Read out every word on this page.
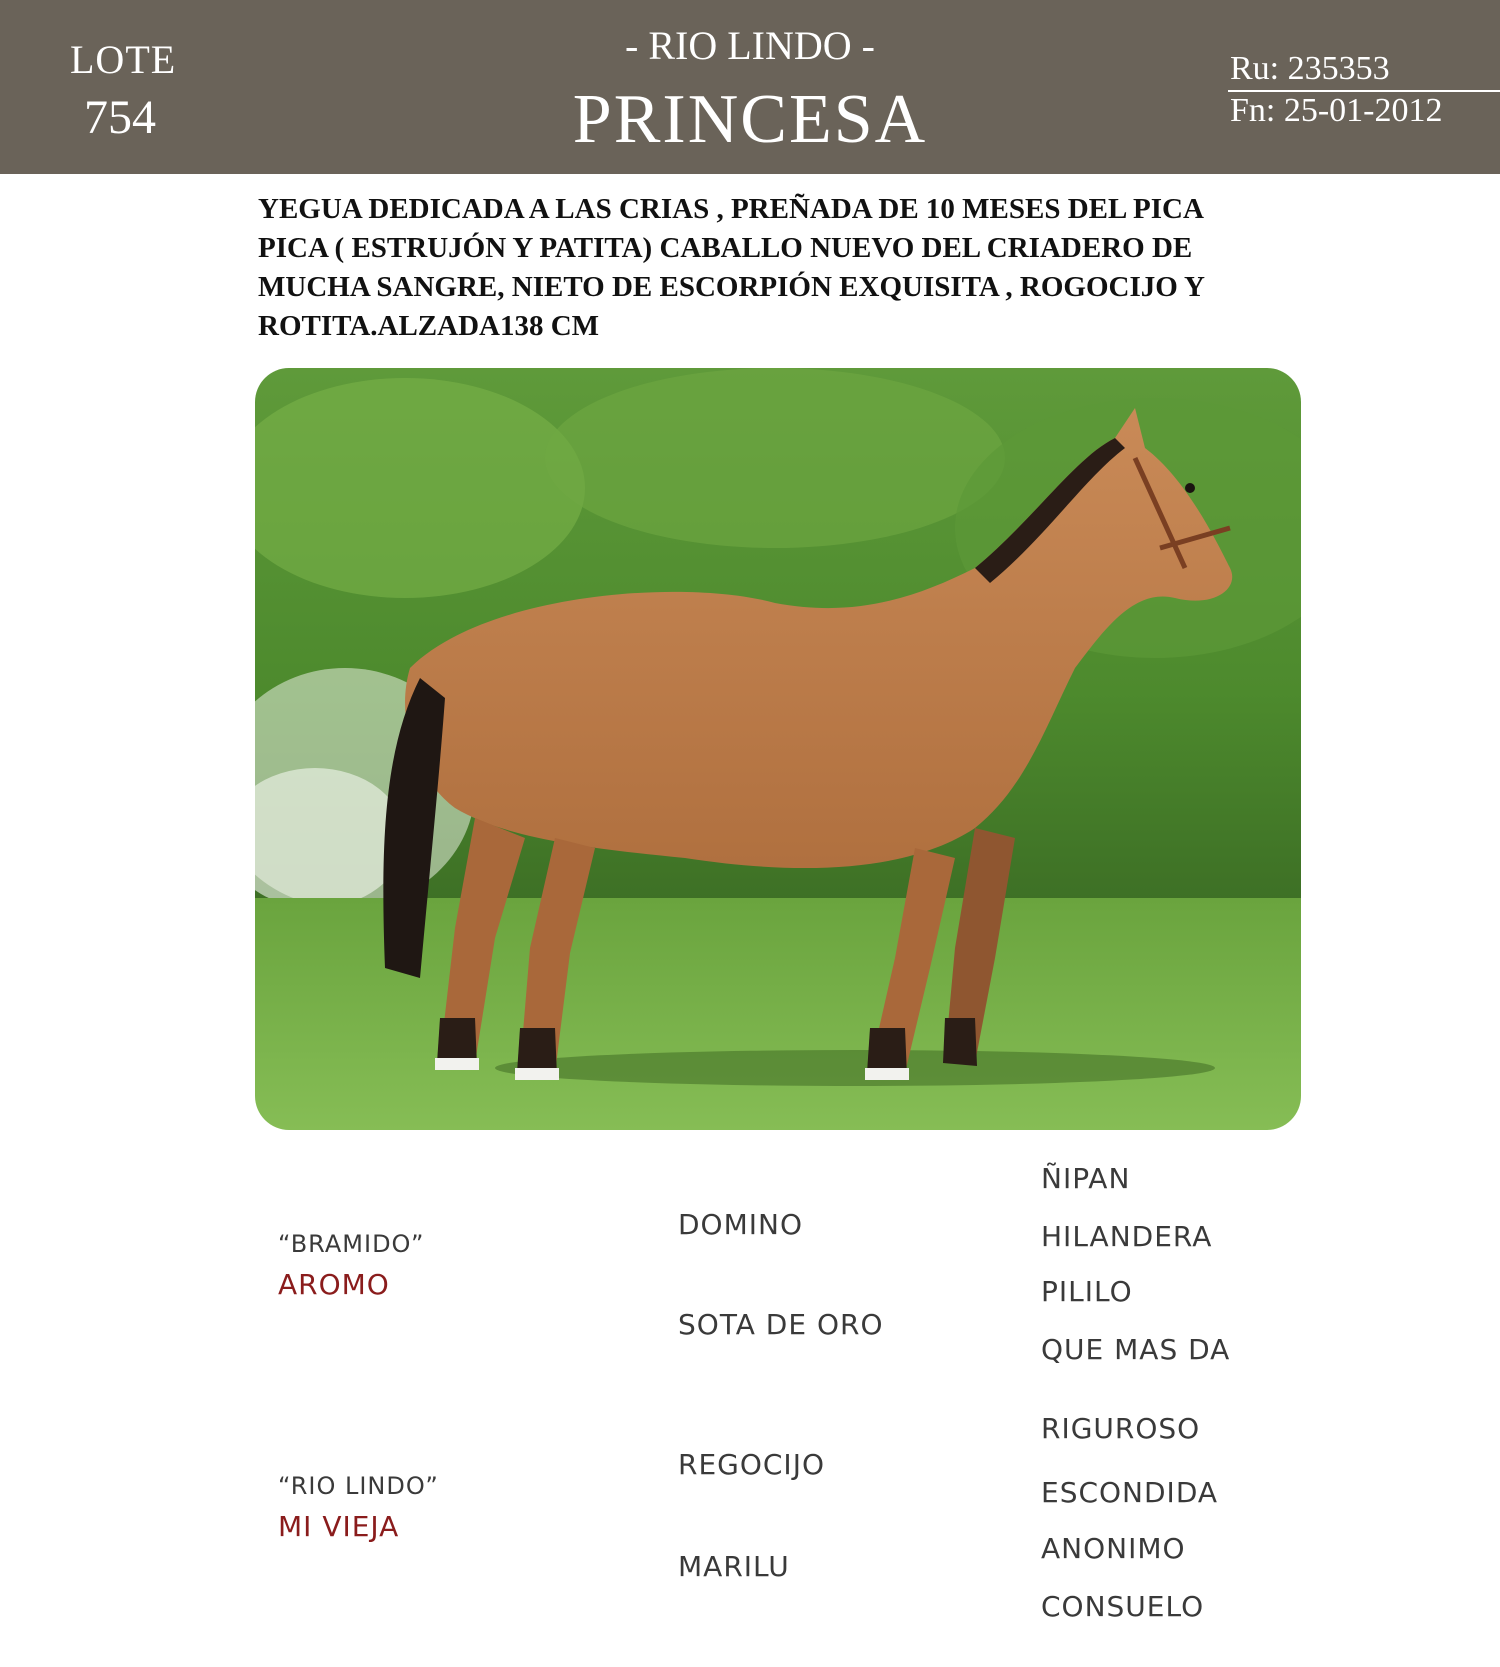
LOTE
754
- RIO LINDO -
PRINCESA
Ru: 235353
Fn: 25-01-2012
YEGUA DEDICADA A LAS CRIAS , PREÑADA DE 10 MESES DEL PICA PICA ( ESTRUJÓN Y PATITA) CABALLO NUEVO DEL CRIADERO DE MUCHA SANGRE, NIETO DE ESCORPIÓN EXQUISITA , ROGOCIJO Y ROTITA.ALZADA138 CM
“BRAMIDO”
AROMO
“RIO LINDO”
MI VIEJA
DOMINO
SOTA DE ORO
REGOCIJO
MARILU
ÑIPAN
HILANDERA
PILILO
QUE MAS DA
RIGUROSO
ESCONDIDA
ANONIMO
CONSUELO
